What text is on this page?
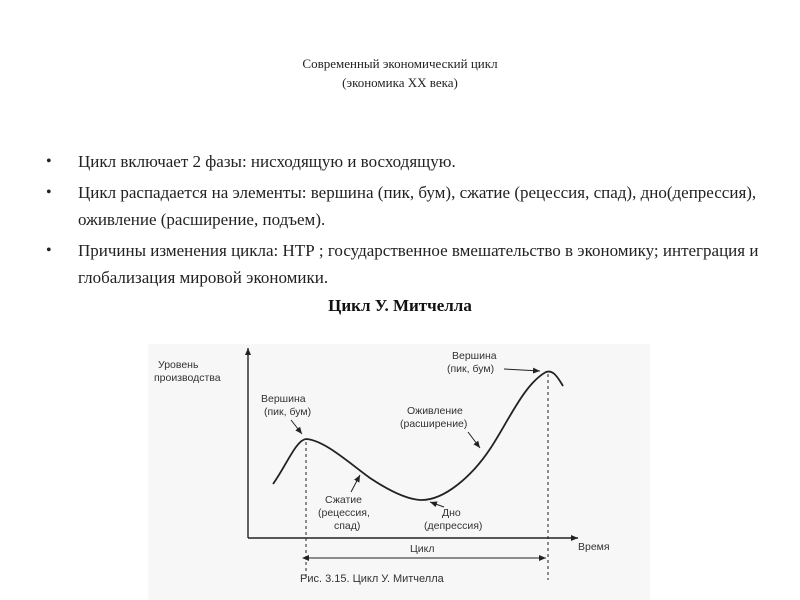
Современный экономический цикл
(экономика XX века)
• Цикл включает 2 фазы: нисходящую и восходящую.
• Цикл распадается на элементы: вершина (пик, бум), сжатие (рецессия, спад), дно(депрессия), оживление (расширение, подъем).
• Причины изменения цикла: НТР ; государственное вмешательство в экономику; интеграция и глобализация мировой экономики.
Цикл У. Митчелла
Уровень
производства
Время
Цикл
Вершина
(пик, бум)
Вершина
(пик, бум)
Оживление
(расширение)
Сжатие
(рецессия,
спад)
Дно
(депрессия)
Рис. 3.15. Цикл У. Митчелла
